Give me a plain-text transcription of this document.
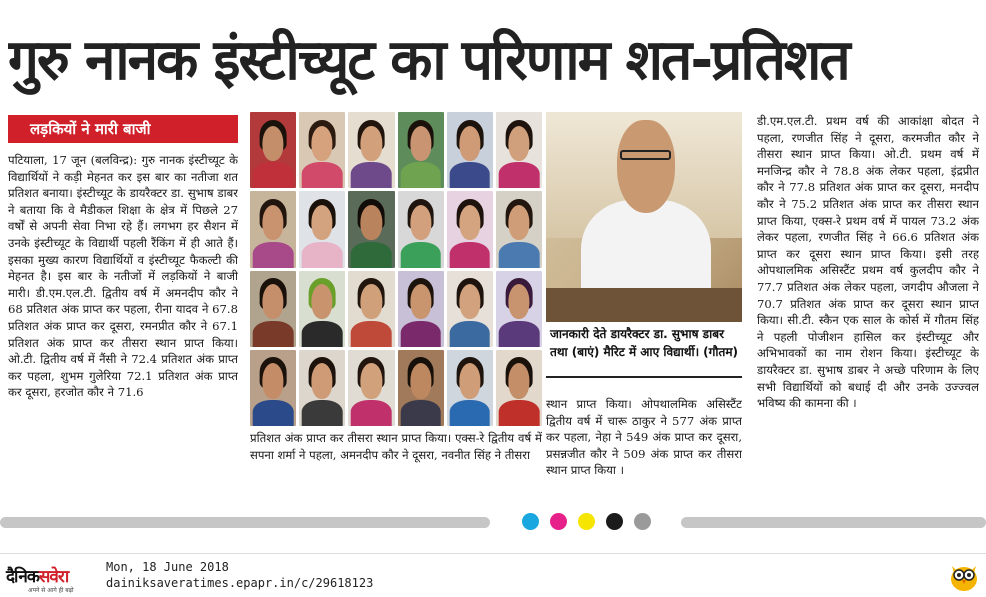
गुरु नानक इंस्टीच्यूट का परिणाम शत-प्रतिशत
लड़कियों ने मारी बाजी

पटियाला, 17 जून (बलविन्द्र): गुरु नानक इंस्टीच्यूट के विद्यार्थियों ने कड़ी मेहनत कर इस बार का नतीजा शत प्रतिशत बनाया। इंस्टीच्यूट के डायरैक्टर डा. सुभाष डाबर ने बताया कि वे मैडीकल शिक्षा के क्षेत्र में पिछले 27 वर्षों से अपनी सेवा निभा रहे हैं। लगभग हर सैशन में उनके इंस्टीच्यूट के विद्यार्थी पहली रैंकिंग में ही आते हैं। इसका मुख्य कारण विद्यार्थियों व इंस्टीच्यूट फैकल्टी की मेहनत है। इस बार के नतीजों में लड़कियों ने बाजी मारी। डी.एम.एल.टी. द्वितीय वर्ष में अमनदीप कौर ने 68 प्रतिशत अंक प्राप्त कर पहला, रीना यादव ने 67.8 प्रतिशत अंक प्राप्त कर दूसरा, रमनप्रीत कौर ने 67.1 प्रतिशत अंक प्राप्त कर तीसरा स्थान प्राप्त किया। ओ.टी. द्वितीय वर्ष में नैंसी ने 72.4 प्रतिशत अंक प्राप्त कर पहला, शुभम गुलेरिया 72.1 प्रतिशत अंक प्राप्त कर दूसरा, हरजोत कौर ने 71.6

प्रतिशत अंक प्राप्त कर तीसरा स्थान प्राप्त किया। एक्स-रे द्वितीय वर्ष में सपना शर्मा ने पहला, अमनदीप कौर ने दूसरा, नवनीत सिंह ने तीसरा

जानकारी देते डायरैक्टर डा. सुभाष डाबर तथा (बाएं) मैरिट में आए विद्यार्थी। (गौतम)

स्थान प्राप्त किया। ओपथालमिक असिस्टैंट द्वितीय वर्ष में चारू ठाकुर ने 577 अंक प्राप्त कर पहला, नेहा ने 549 अंक प्राप्त कर दूसरा, प्रसन्नजीत कौर ने 509 अंक प्राप्त कर तीसरा स्थान प्राप्त किया ।

डी.एम.एल.टी. प्रथम वर्ष की आकांक्षा बोदत ने पहला, रणजीत सिंह ने दूसरा, करमजीत कौर ने तीसरा स्थान प्राप्त किया। ओ.टी. प्रथम वर्ष में मनजिन्द्र कौर ने 78.8 अंक लेकर पहला, इंद्रप्रीत कौर ने 77.8 प्रतिशत अंक प्राप्त कर दूसरा, मनदीप कौर ने 75.2 प्रतिशत अंक प्राप्त कर तीसरा स्थान प्राप्त किया, एक्स-रे प्रथम वर्ष में पायल 73.2 अंक लेकर पहला, रणजीत सिंह ने 66.6 प्रतिशत अंक प्राप्त कर दूसरा स्थान प्राप्त किया। इसी तरह ओपथालमिक असिस्टैंट प्रथम वर्ष कुलदीप कौर ने 77.7 प्रतिशत अंक लेकर पहला, जगदीप औजला ने 70.7 प्रतिशत अंक प्राप्त कर दूसरा स्थान प्राप्त किया। सी.टी. स्कैन एक साल के कोर्स में गौतम सिंह ने पहली पोजीशन हासिल कर इंस्टीच्यूट और अभिभावकों का नाम रोशन किया। इंस्टीच्यूट के डायरैक्टर डा. सुभाष डाबर ने अच्छे परिणाम के लिए सभी विद्यार्थियों को बधाई दी और उनके उज्ज्वल भविष्य की कामना की ।

दैनिकसवेरा
अपने से आगे ही बढ़ो
Mon, 18 June 2018
dainiksaveratimes.epapr.in/c/29618123
